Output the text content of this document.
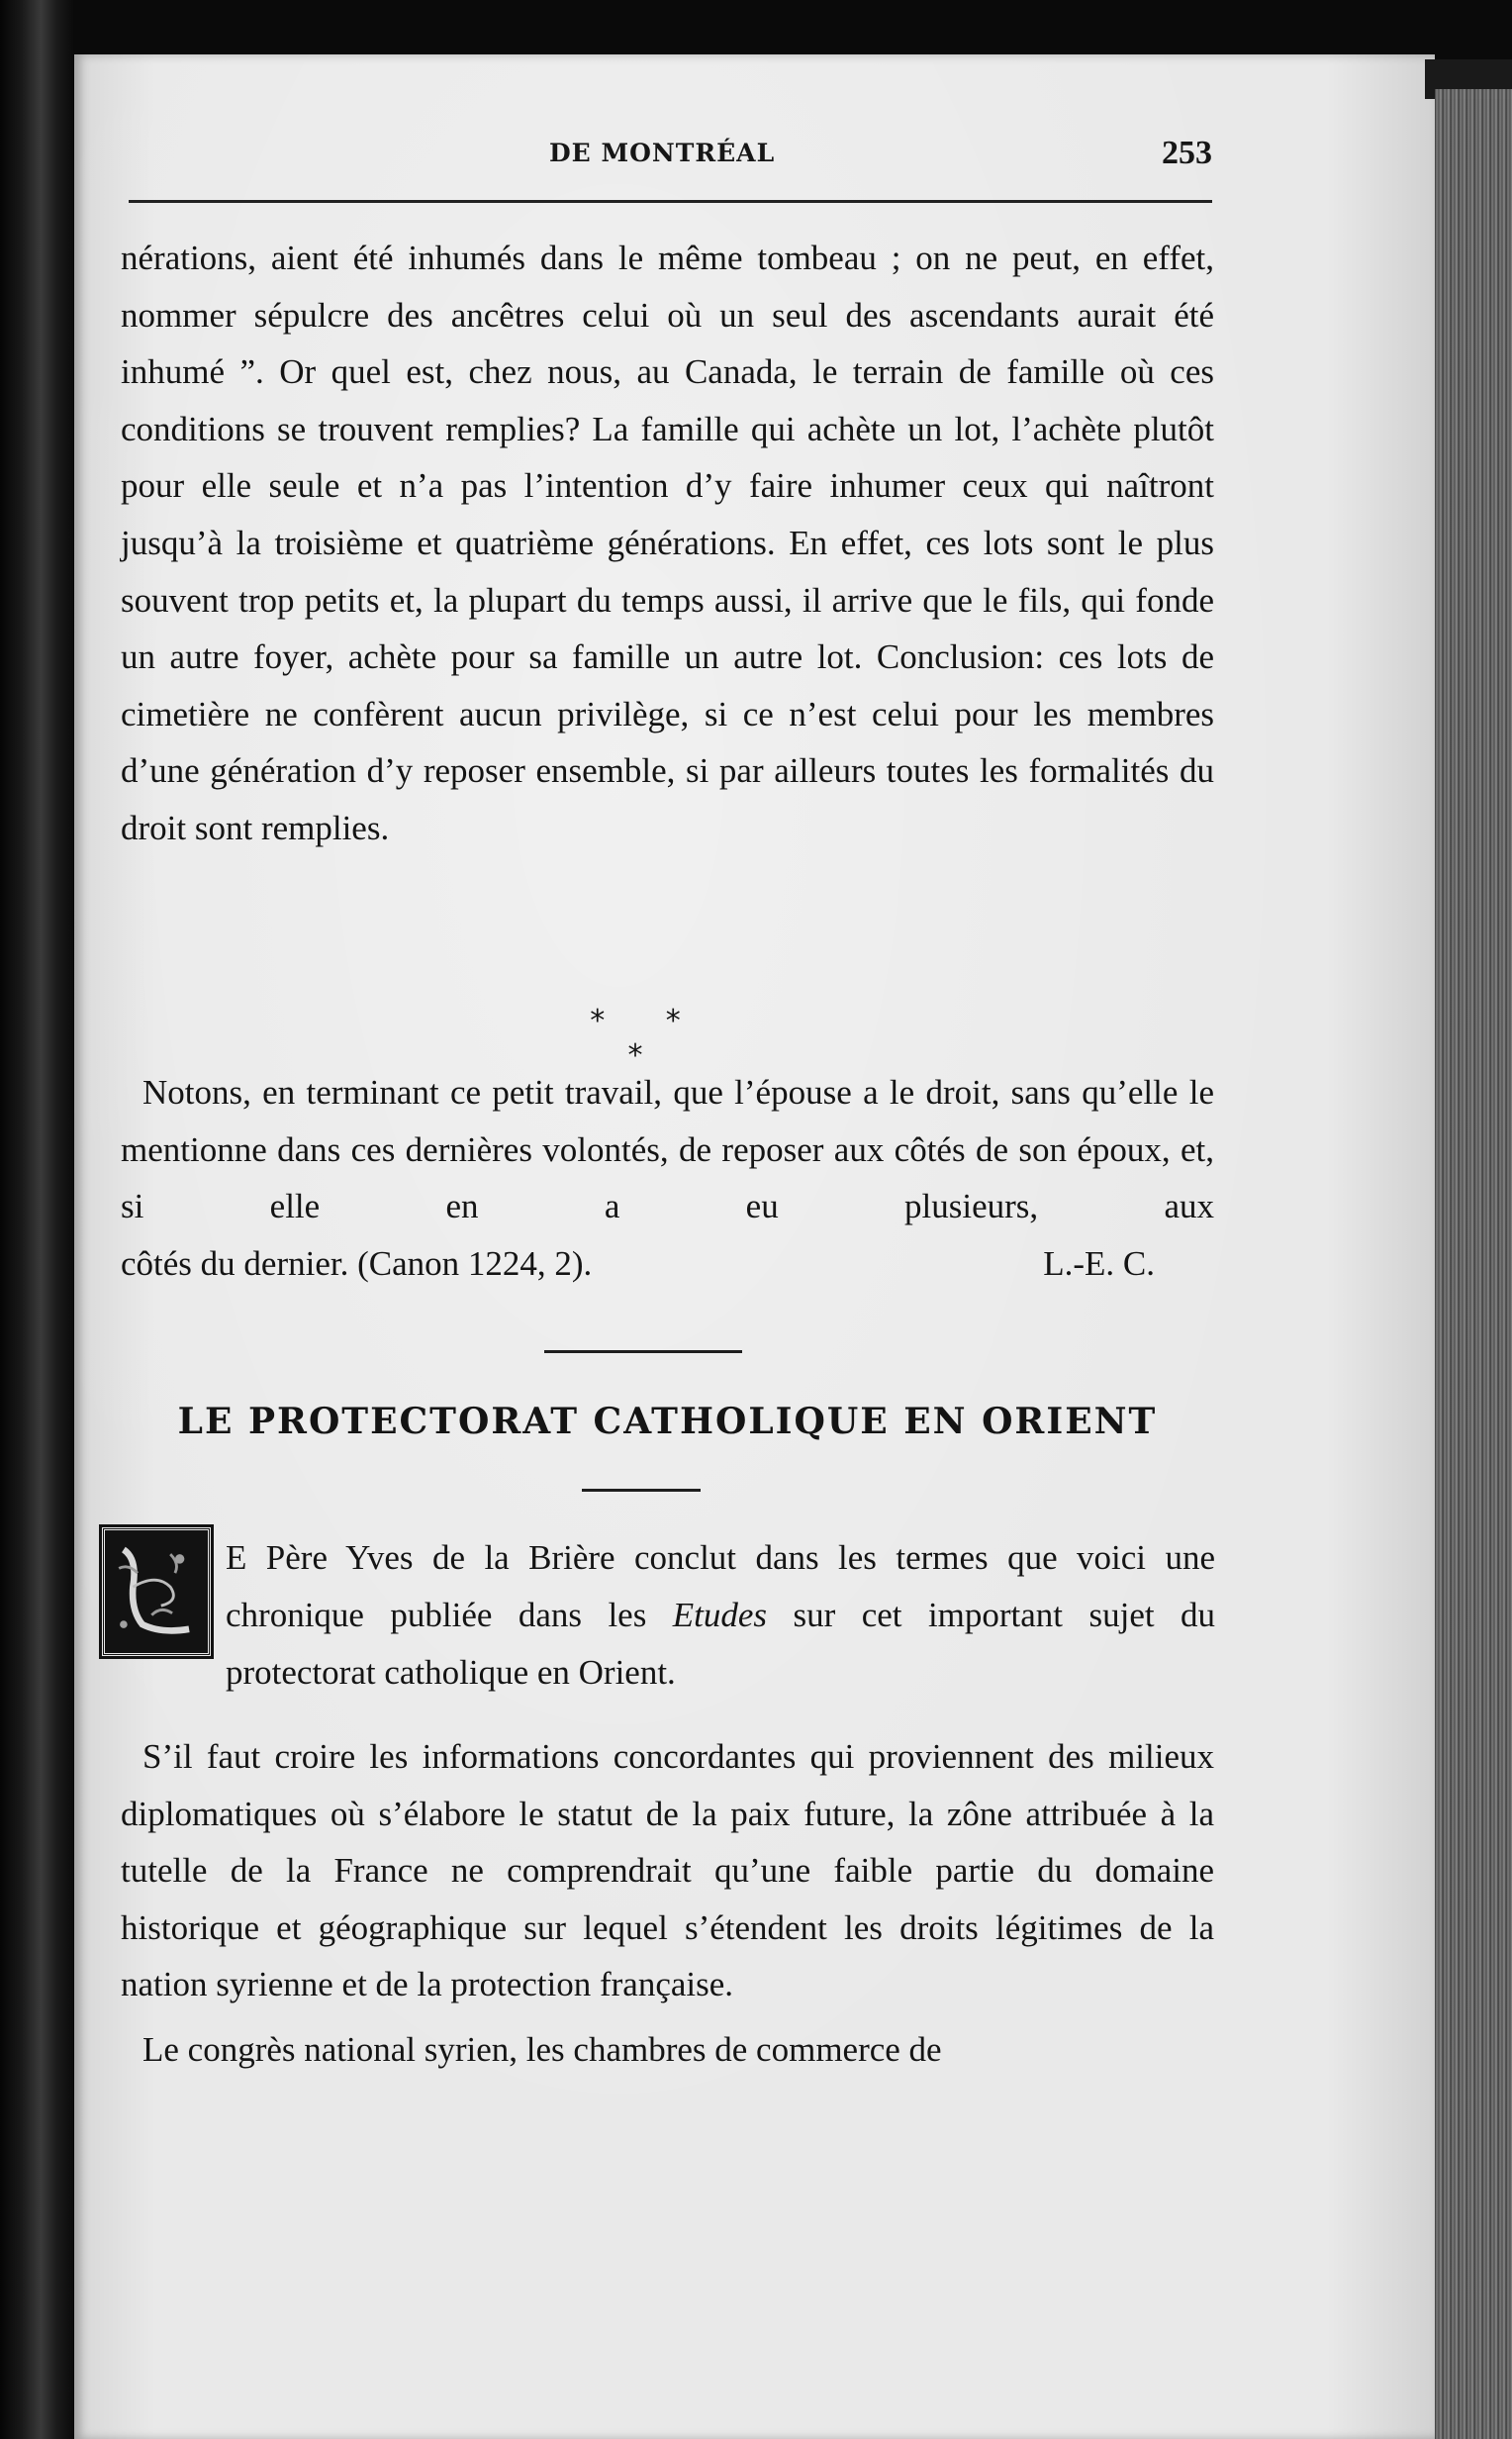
DE MONTRÉAL	253

nérations, aient été inhumés dans le même tombeau ; on ne peut, en effet, nommer sépulcre des ancêtres celui où un seul des ascendants aurait été inhumé ”. Or quel est, chez nous, au Canada, le terrain de famille où ces conditions se trouvent remplies? La famille qui achète un lot, l’achète plutôt pour elle seule et n’a pas l’intention d’y faire inhumer ceux qui naîtront jusqu’à la troisième et quatrième générations. En effet, ces lots sont le plus souvent trop petits et, la plupart du temps aussi, il arrive que le fils, qui fonde un autre foyer, achète pour sa famille un autre lot. Conclusion: ces lots de cimetière ne confèrent aucun privilège, si ce n’est celui pour les membres d’une génération d’y reposer ensemble, si par ailleurs toutes les formalités du droit sont remplies.

* * *

Notons, en terminant ce petit travail, que l’épouse a le droit, sans qu’elle le mentionne dans ces dernières volontés, de reposer aux côtés de son époux, et, si elle en a eu plusieurs, aux

côtés du dernier. (Canon 1224, 2).	L.-E. C.
LE PROTECTORAT CATHOLIQUE EN ORIENT
E Père Yves de la Brière conclut dans les termes que voici une chronique publiée dans les Etudes sur cet important sujet du protectorat catholique en Orient.

S’il faut croire les informations concordantes qui proviennent des milieux diplomatiques où s’élabore le statut de la paix future, la zône attribuée à la tutelle de la France ne comprendrait qu’une faible partie du domaine historique et géographique sur lequel s’étendent les droits légitimes de la nation syrienne et de la protection française.

Le congrès national syrien, les chambres de commerce de
